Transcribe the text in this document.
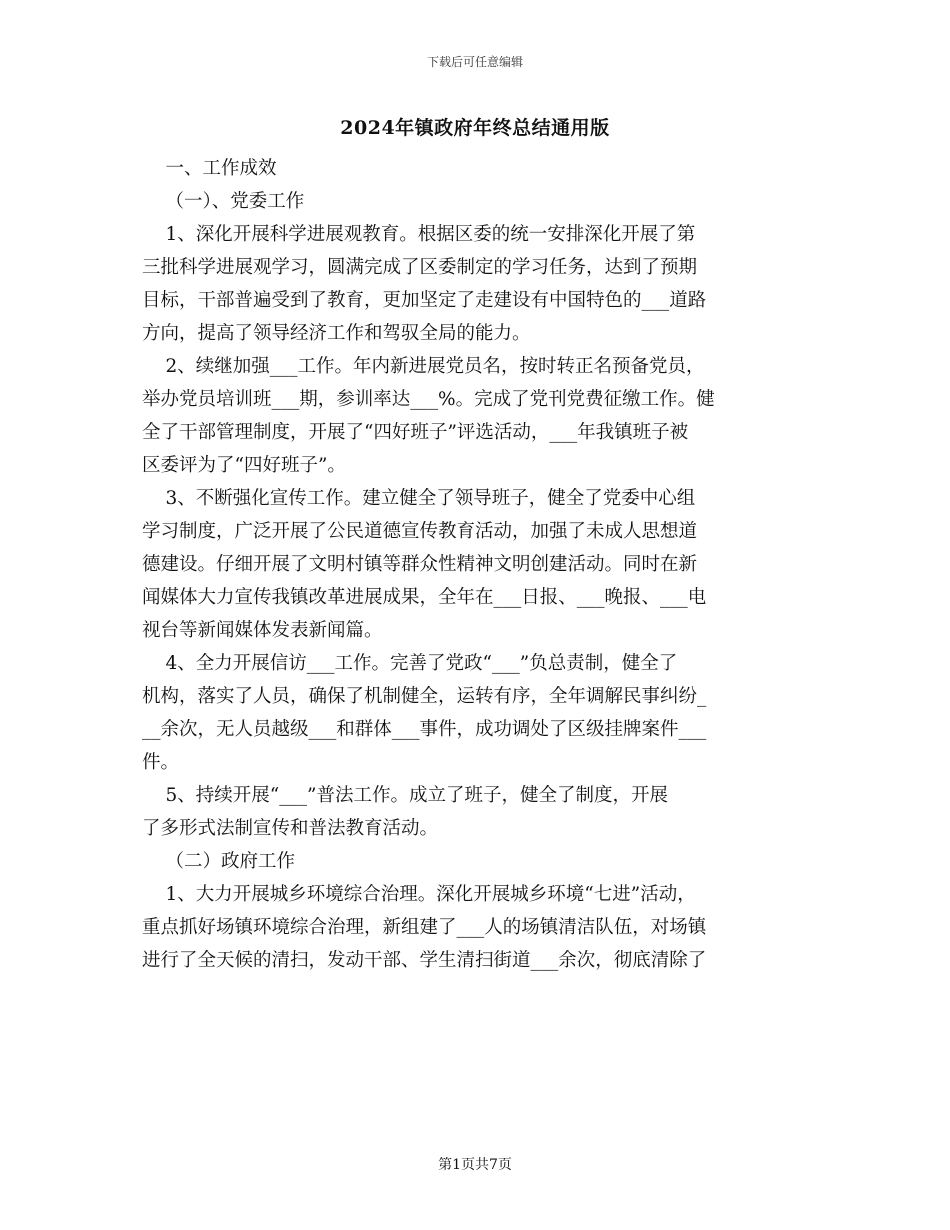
下载后可任意编辑
2024年镇政府年终总结通用版
一、工作成效
（一）、党委工作
1、深化开展科学进展观教育。根据区委的统一安排深化开展了第
三批科学进展观学习，圆满完成了区委制定的学习任务，达到了预期
目标，干部普遍受到了教育，更加坚定了走建设有中国特色的___道路
方向，提高了领导经济工作和驾驭全局的能力。
2、续继加强___工作。年内新进展党员名，按时转正名预备党员，
举办党员培训班___期，参训率达___%。完成了党刊党费征缴工作。健
全了干部管理制度，开展了“四好班子”评选活动，___年我镇班子被
区委评为了“四好班子”。
3、不断强化宣传工作。建立健全了领导班子，健全了党委中心组
学习制度，广泛开展了公民道德宣传教育活动，加强了未成人思想道
德建设。仔细开展了文明村镇等群众性精神文明创建活动。同时在新
闻媒体大力宣传我镇改革进展成果，全年在___日报、___晚报、___电
视台等新闻媒体发表新闻篇。
4、全力开展信访___工作。完善了党政“___”负总责制，健全了
机构，落实了人员，确保了机制健全，运转有序，全年调解民事纠纷_
__余次，无人员越级___和群体___事件，成功调处了区级挂牌案件___
件。
5、持续开展“___”普法工作。成立了班子，健全了制度，开展
了多形式法制宣传和普法教育活动。
（二）政府工作
1、大力开展城乡环境综合治理。深化开展城乡环境“七进”活动，
重点抓好场镇环境综合治理，新组建了___人的场镇清洁队伍，对场镇
进行了全天候的清扫，发动干部、学生清扫街道___余次，彻底清除了
第1页共7页
